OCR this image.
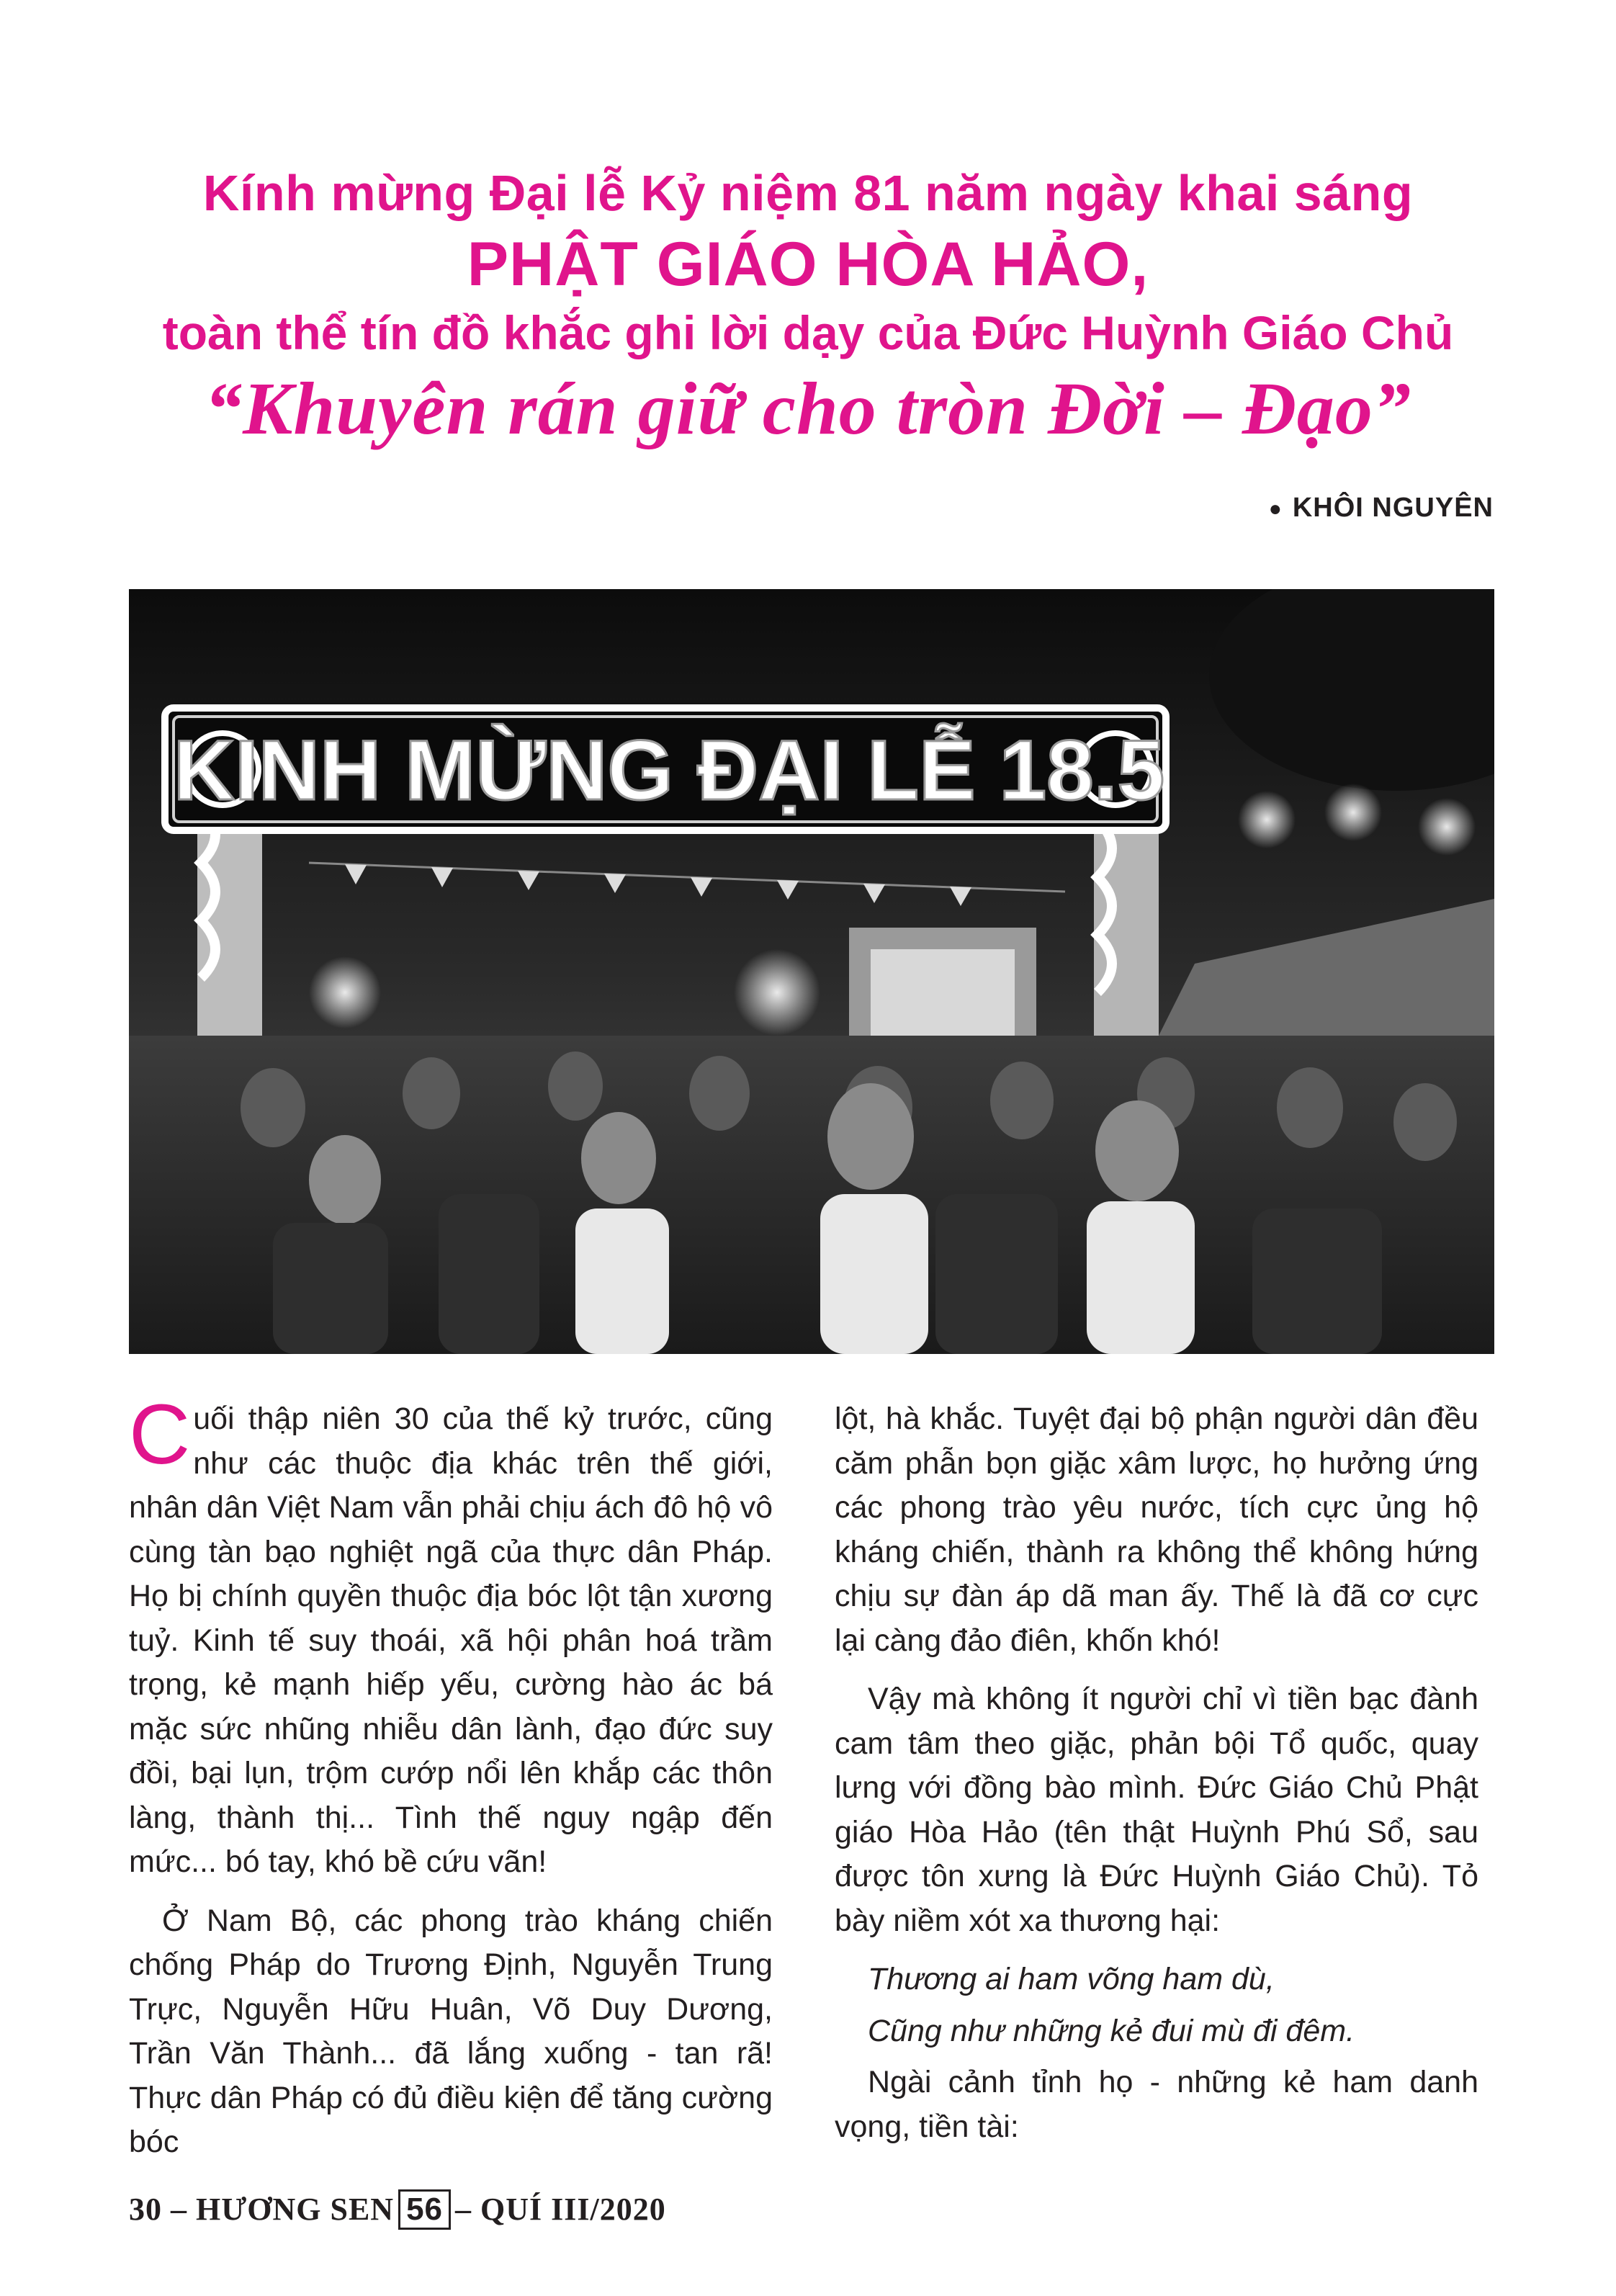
Kính mừng Đại lễ Kỷ niệm 81 năm ngày khai sáng
PHẬT GIÁO HÒA HẢO,
toàn thể tín đồ khắc ghi lời dạy của Đức Huỳnh Giáo Chủ
“Khuyên rán giữ cho tròn Đời – Đạo”
● KHÔI NGUYÊN
KINH MỪNG ĐẠI LỄ 18.5

Cuối thập niên 30 của thế kỷ trước, cũng như các thuộc địa khác trên thế giới, nhân dân Việt Nam vẫn phải chịu ách đô hộ vô cùng tàn bạo nghiệt ngã của thực dân Pháp. Họ bị chính quyền thuộc địa bóc lột tận xương tuỷ. Kinh tế suy thoái, xã hội phân hoá trầm trọng, kẻ mạnh hiếp yếu, cường hào ác bá mặc sức nhũng nhiễu dân lành, đạo đức suy đồi, bại lụn, trộm cướp nổi lên khắp các thôn làng, thành thị... Tình thế nguy ngập đến mức... bó tay, khó bề cứu vãn!

Ở Nam Bộ, các phong trào kháng chiến chống Pháp do Trương Định, Nguyễn Trung Trực, Nguyễn Hữu Huân, Võ Duy Dương, Trần Văn Thành... đã lắng xuống - tan rã! Thực dân Pháp có đủ điều kiện để tăng cường bóc

lột, hà khắc. Tuyệt đại bộ phận người dân đều căm phẫn bọn giặc xâm lược, họ hưởng ứng các phong trào yêu nước, tích cực ủng hộ kháng chiến, thành ra không thể không hứng chịu sự đàn áp dã man ấy. Thế là đã cơ cực lại càng đảo điên, khốn khó!

Vậy mà không ít người chỉ vì tiền bạc đành cam tâm theo giặc, phản bội Tổ quốc, quay lưng với đồng bào mình. Đức Giáo Chủ Phật giáo Hòa Hảo (tên thật Huỳnh Phú Sổ, sau được tôn xưng là Đức Huỳnh Giáo Chủ). Tỏ bày niềm xót xa thương hại:

Thương ai ham võng ham dù,

Cũng như những kẻ đui mù đi đêm.

Ngài cảnh tỉnh họ - những kẻ ham danh vọng, tiền tài:

30 – HƯƠNG SEN 56 – QUÍ III/2020
